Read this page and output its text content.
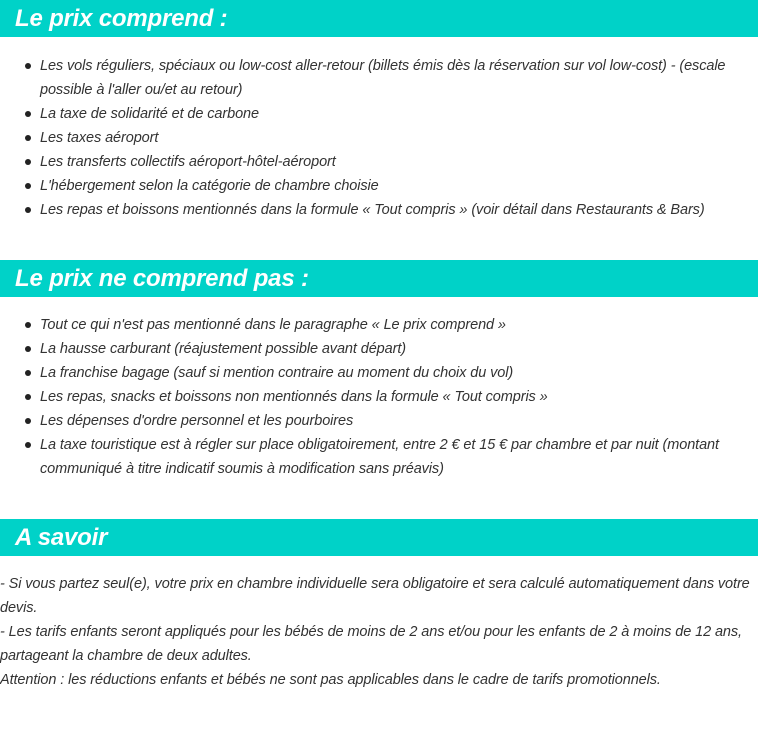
Le prix comprend :
Les vols réguliers, spéciaux ou low-cost aller-retour (billets émis dès la réservation sur vol low-cost) - (escale possible à l'aller ou/et au retour)
La taxe de solidarité et de carbone
Les taxes aéroport
Les transferts collectifs aéroport-hôtel-aéroport
L'hébergement selon la catégorie de chambre choisie
Les repas et boissons mentionnés dans la formule « Tout compris » (voir détail dans Restaurants & Bars)
Le prix ne comprend pas :
Tout ce qui n'est pas mentionné dans le paragraphe « Le prix comprend »
La hausse carburant (réajustement possible avant départ)
La franchise bagage (sauf si mention contraire au moment du choix du vol)
Les repas, snacks et boissons non mentionnés dans la formule « Tout compris »
Les dépenses d'ordre personnel et les pourboires
La taxe touristique est à régler sur place obligatoirement, entre 2 € et 15 € par chambre et par nuit (montant communiqué à titre indicatif soumis à modification sans préavis)
A savoir

- Si vous partez seul(e), votre prix en chambre individuelle sera obligatoire et sera calculé automatiquement dans votre devis.

- Les tarifs enfants seront appliqués pour les bébés de moins de 2 ans et/ou pour les enfants de 2 à moins de 12 ans, partageant la chambre de deux adultes.

Attention : les réductions enfants et bébés ne sont pas applicables dans le cadre de tarifs promotionnels.
